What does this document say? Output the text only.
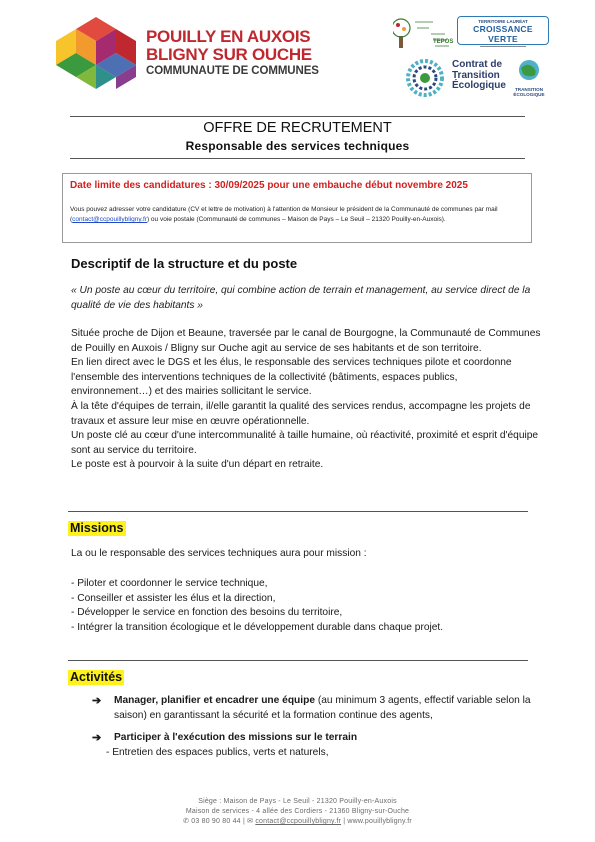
POUILLY EN AUXOIS
BLIGNY SUR OUCHE
COMMUNAUTE DE COMMUNES
TEPOS
TERRITOIRE LAURÉAT
CROISSANCE VERTE
━━━━━━━━━━━━━━━━━━━━
Contrat de
Transition
Écologique	TRANSITION
ÉCOLOGIQUE
OFFRE DE RECRUTEMENT
Responsable des services techniques
Date limite des candidatures : 30/09/2025 pour une embauche début novembre 2025
Vous pouvez adresser votre candidature (CV et lettre de motivation) à l'attention de Monsieur le président de la Communauté de communes par mail (contact@ccpouillybligny.fr) ou voie postale (Communauté de communes – Maison de Pays – Le Seuil – 21320 Pouilly-en-Auxois).
Descriptif de la structure et du poste
« Un poste au cœur du territoire, qui combine action de terrain et management, au service direct de la qualité de vie des habitants »

Située proche de Dijon et Beaune, traversée par le canal de Bourgogne, la Communauté de Communes de Pouilly en Auxois / Bligny sur Ouche agit au service de ses habitants et de son territoire.

En lien direct avec le DGS et les élus, le responsable des services techniques pilote et coordonne l'ensemble des interventions techniques de la collectivité (bâtiments, espaces publics, environnement…) et des mairies sollicitant le service.

À la tête d'équipes de terrain, il/elle garantit la qualité des services rendus, accompagne les projets de travaux et assure leur mise en œuvre opérationnelle.

Un poste clé au cœur d'une intercommunalité à taille humaine, où réactivité, proximité et esprit d'équipe sont au service du territoire.

Le poste est à pourvoir à la suite d'un départ en retraite.

Missions
La ou le responsable des services techniques aura pour mission :
- Piloter et coordonner le service technique,
- Conseiller et assister les élus et la direction,
- Développer le service en fonction des besoins du territoire,
- Intégrer la transition écologique et le développement durable dans chaque projet.
Activités
➔	Manager, planifier et encadrer une équipe (au minimum 3 agents, effectif variable selon la saison) en garantissant la sécurité et la formation continue des agents,
➔	Participer à l'exécution des missions sur le terrain
- Entretien des espaces publics, verts et naturels,
Siège : Maison de Pays - Le Seuil - 21320 Pouilly-en-Auxois
Maison de services - 4 allée des Cordiers - 21360 Bligny-sur-Ouche
✆ 03 80 90 80 44 | ✉ contact@ccpouillybligny.fr | www.pouillybligny.fr
